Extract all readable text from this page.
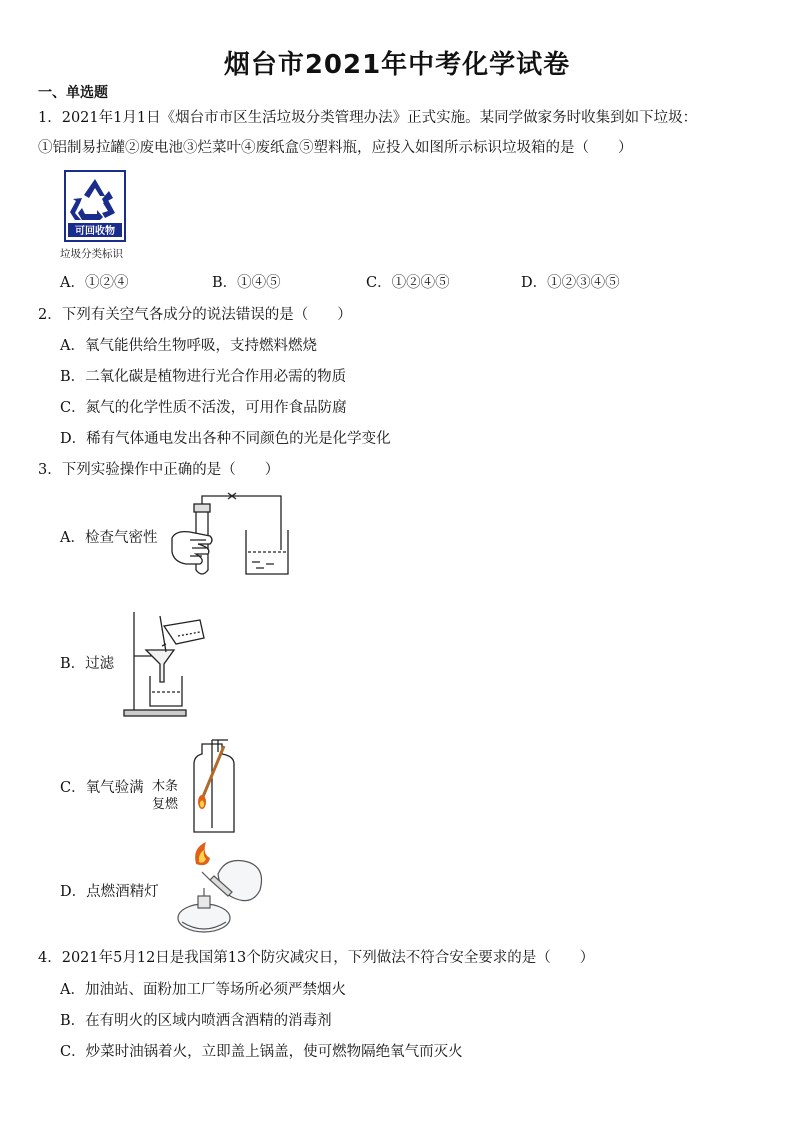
烟台市2021年中考化学试卷
一、单选题
1．2021年1月1日《烟台市市区生活垃圾分类管理办法》正式实施。某同学做家务时收集到如下垃圾：
①铝制易拉罐②废电池③烂菜叶④废纸盒⑤塑料瓶，应投入如图所示标识垃圾箱的是（　　）
可回收物
垃圾分类标识
A．①②④	B．①④⑤	C．①②④⑤	D．①②③④⑤
2．下列有关空气各成分的说法错误的是（　　）
A．氧气能供给生物呼吸，支持燃料燃烧
B．二氧化碳是植物进行光合作用必需的物质
C．氮气的化学性质不活泼，可用作食品防腐
D．稀有气体通电发出各种不同颜色的光是化学变化
3．下列实验操作中正确的是（　　）
A．检查气密性
B．过滤
C．氧气验满 木条
复燃
D．点燃酒精灯
4．2021年5月12日是我国第13个防灾减灾日，下列做法不符合安全要求的是（　　）
A．加油站、面粉加工厂等场所必须严禁烟火
B．在有明火的区域内喷洒含酒精的消毒剂
C．炒菜时油锅着火，立即盖上锅盖，使可燃物隔绝氧气而灭火
